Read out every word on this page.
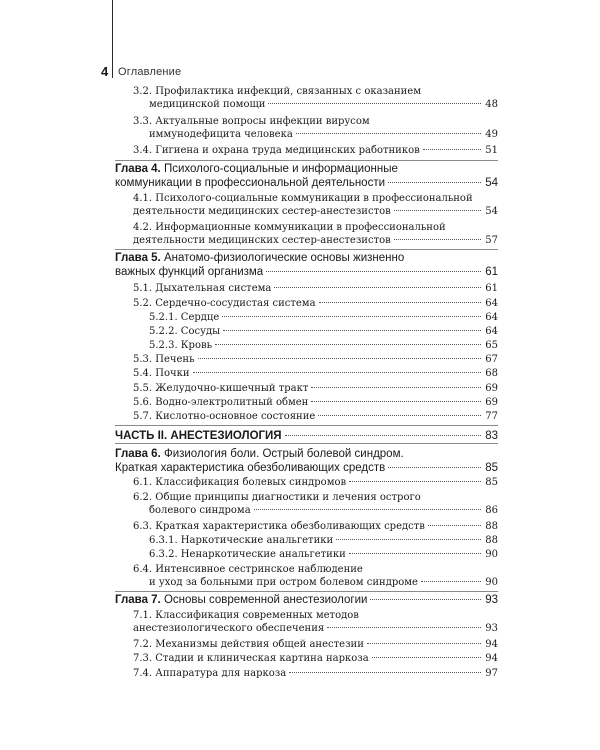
4 Оглавление
3.2. Профилактика инфекций, связанных с оказанием
медицинской помощи	48
3.3. Актуальные вопросы инфекции вирусом
иммунодефицита человека	49
3.4. Гигиена и охрана труда медицинских работников	51
Глава 4. Психолого-социальные и информационные
коммуникации в профессиональной деятельности	54
4.1. Психолого-социальные коммуникации в профессиональной
деятельности медицинских сестер-анестезистов	54
4.2. Информационные коммуникации в профессиональной
деятельности медицинских сестер-анестезистов	57
Глава 5. Анатомо-физиологические основы жизненно
важных функций организма	61
5.1. Дыхательная система	61
5.2. Сердечно-сосудистая система	64
5.2.1. Сердце	64
5.2.2. Сосуды	64
5.2.3. Кровь	65
5.3. Печень	67
5.4. Почки	68
5.5. Желудочно-кишечный тракт	69
5.6. Водно-электролитный обмен	69
5.7. Кислотно-основное состояние	77
ЧАСТЬ II. АНЕСТЕЗИОЛОГИЯ	83
Глава 6. Физиология боли. Острый болевой синдром.
Краткая характеристика обезболивающих средств	85
6.1. Классификация болевых синдромов	85
6.2. Общие принципы диагностики и лечения острого
болевого синдрома	86
6.3. Краткая характеристика обезболивающих средств	88
6.3.1. Наркотические анальгетики	88
6.3.2. Ненаркотические анальгетики	90
6.4. Интенсивное сестринское наблюдение
и уход за больными при остром болевом синдроме	90
Глава 7. Основы современной анестезиологии	93
7.1. Классификация современных методов
анестезиологического обеспечения	93
7.2. Механизмы действия общей анестезии	94
7.3. Стадии и клиническая картина наркоза	94
7.4. Аппаратура для наркоза	97
